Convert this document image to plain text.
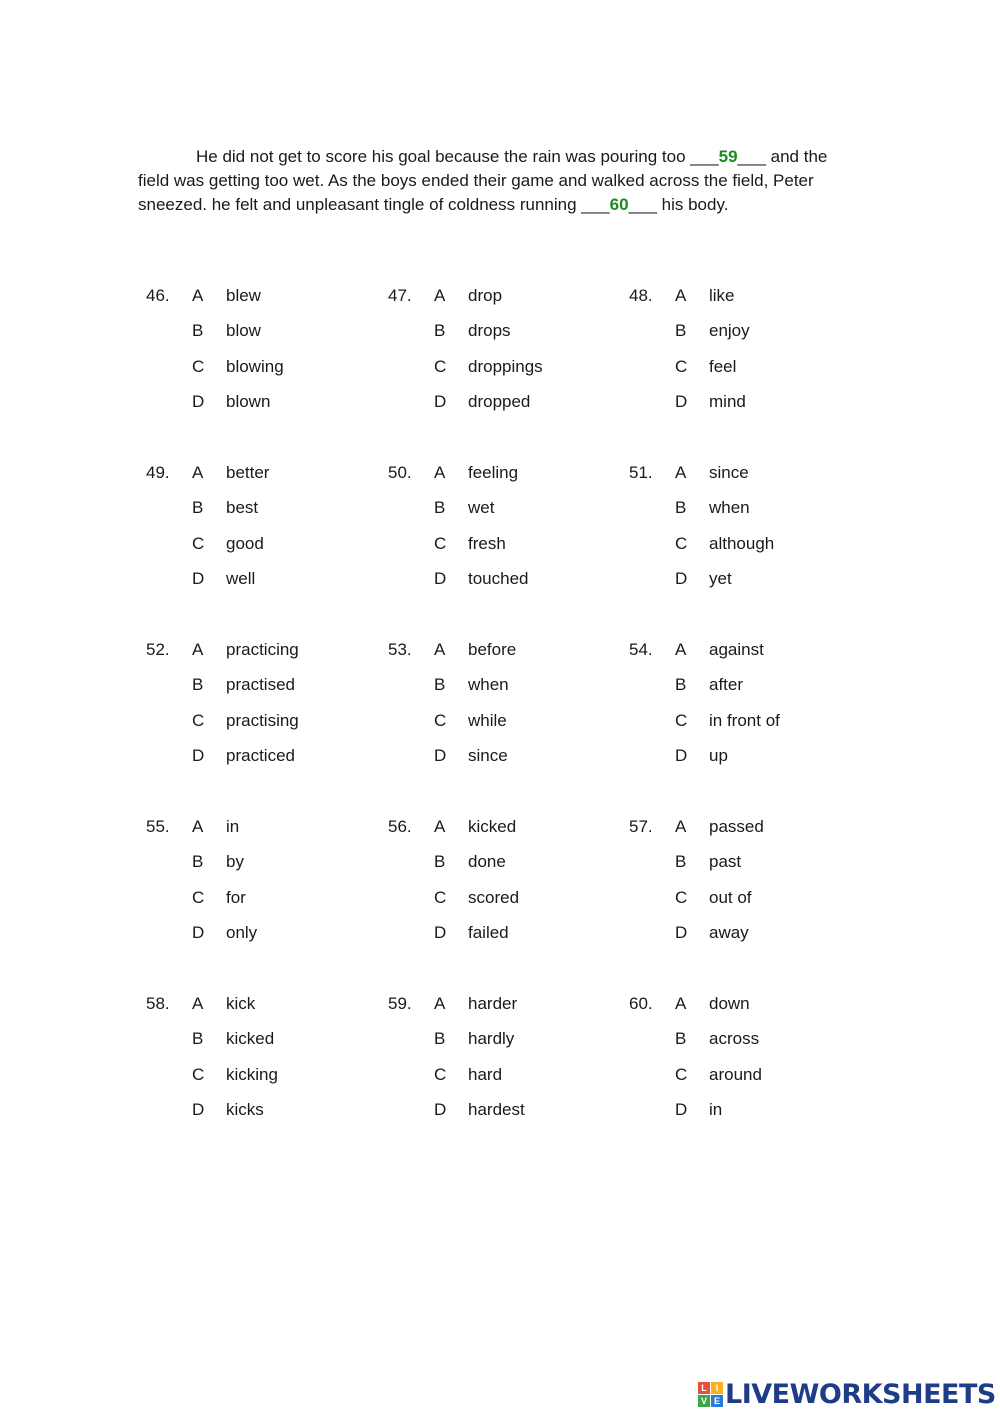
He did not get to score his goal because the rain was pouring too ___59___ and the field was getting too wet. As the boys ended their game and walked across the field, Peter sneezed. he felt and unpleasant tingle of coldness running ___60___ his body.
46. A blew
B blow
C blowing
D blown
47. A drop
B drops
C droppings
D dropped
48. A like
B enjoy
C feel
D mind
49. A better
B best
C good
D well
50. A feeling
B wet
C fresh
D touched
51. A since
B when
C although
D yet
52. A practicing
B practised
C practising
D practiced
53. A before
B when
C while
D since
54. A against
B after
C in front of
D up
55. A in
B by
C for
D only
56. A kicked
B done
C scored
D failed
57. A passed
B past
C out of
D away
58. A kick
B kicked
C kicking
D kicks
59. A harder
B hardly
C hard
D hardest
60. A down
B across
C around
D in
L I
V E LIVEWORKSHEETS
